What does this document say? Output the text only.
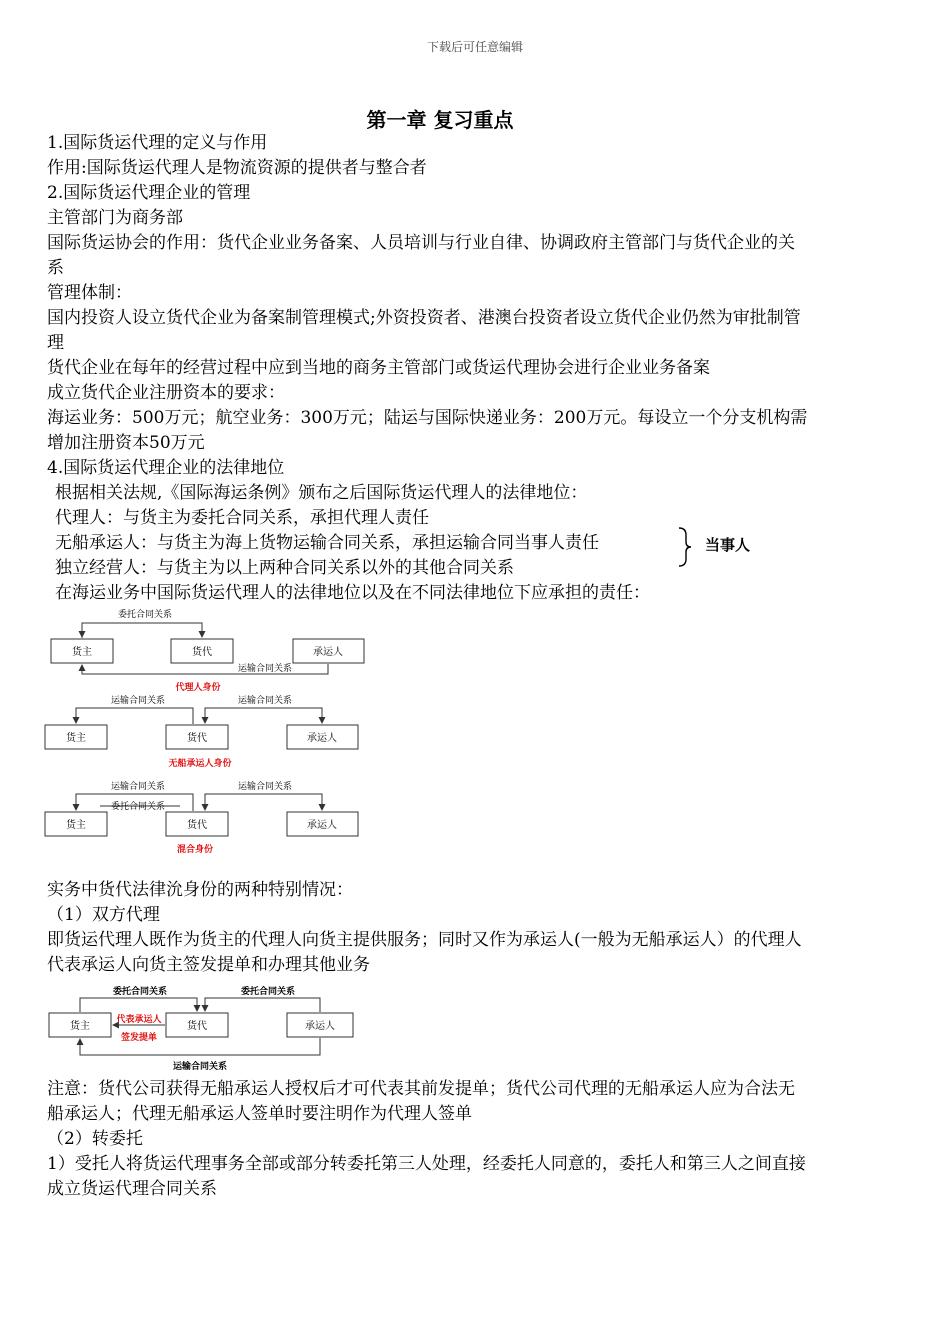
下载后可任意编辑
第一章 复习重点
1.国际货运代理的定义与作用
作用:国际货运代理人是物流资源的提供者与整合者
2.国际货运代理企业的管理
主管部门为商务部
国际货运协会的作用：货代企业业务备案、人员培训与行业自律、协调政府主管部门与货代企业的关
系
管理体制：
国内投资人设立货代企业为备案制管理模式;外资投资者、港澳台投资者设立货代企业仍然为审批制管
理
货代企业在每年的经营过程中应到当地的商务主管部门或货运代理协会进行企业业务备案
成立货代企业注册资本的要求：
海运业务：500万元；航空业务：300万元；陆运与国际快递业务：200万元。每设立一个分支机构需
增加注册资本50万元
4.国际货运代理企业的法律地位
根据相关法规,《国际海运条例》颁布之后国际货运代理人的法律地位：
代理人：与货主为委托合同关系，承担代理人责任
无船承运人：与货主为海上货物运输合同关系，承担运输合同当事人责任
独立经营人：与货主为以上两种合同关系以外的其他合同关系
在海运业务中国际货运代理人的法律地位以及在不同法律地位下应承担的责任：
当事人
货主	货代	承运人
委托合同关系
运输合同关系
代理人身份
货主	货代	承运人
运输合同关系	运输合同关系
无船承运人身份
货主	货代	承运人
运输合同关系	运输合同关系
委托合同关系
混合身份
实务中货代法律沇身份的两种特别情况：
（1）双方代理
即货运代理人既作为货主的代理人向货主提供服务；同时又作为承运人(一般为无船承运人）的代理人
代表承运人向货主签发提单和办理其他业务
货主	货代	承运人
委托合同关系	委托合同关系
代表承运人
签发提单
运输合同关系
注意：货代公司获得无船承运人授权后才可代表其前发提单；货代公司代理的无船承运人应为合法无
船承运人；代理无船承运人签单时要注明作为代理人签单
（2）转委托
1）受托人将货运代理事务全部或部分转委托第三人处理，经委托人同意的，委托人和第三人之间直接
成立货运代理合同关系
